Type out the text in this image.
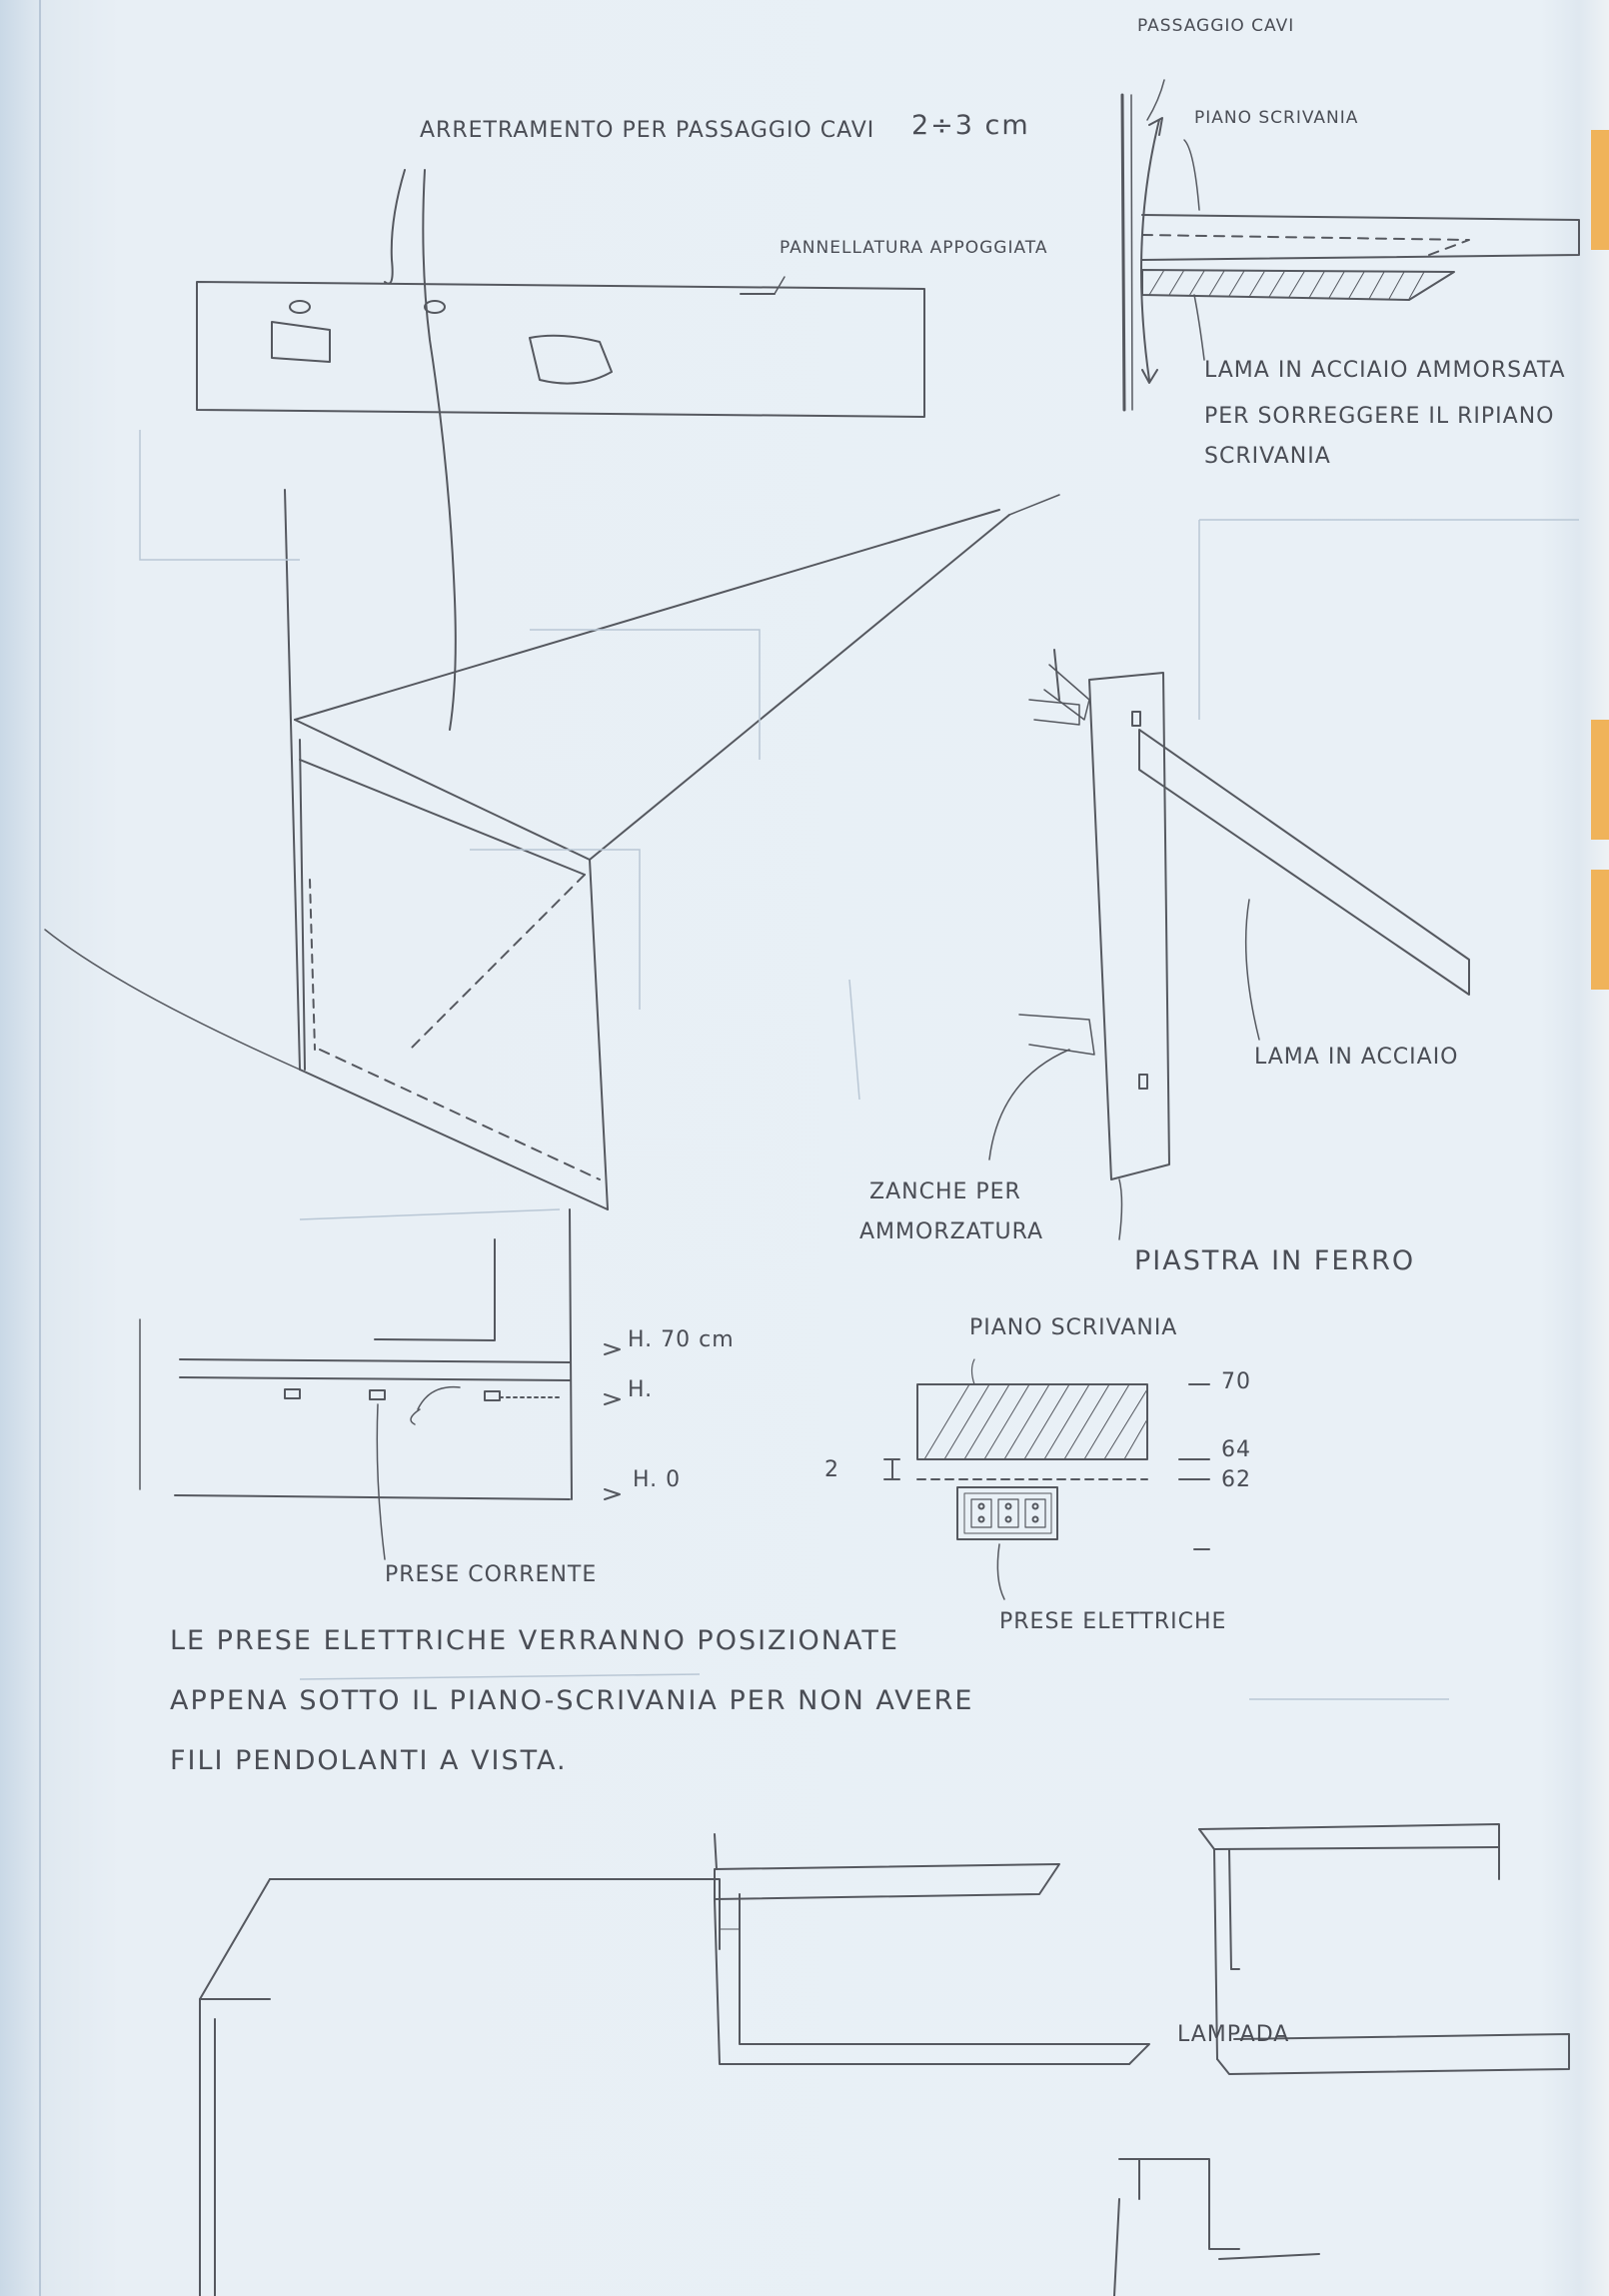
ARRETRAMENTO PER PASSAGGIO CAVI 2÷3 cm
PANNELLATURA APPOGGIATA
PASSAGGIO CAVI
PIANO SCRIVANIA
LAMA IN ACCIAIO AMMORSATA
PER SORREGGERE IL RIPIANO
SCRIVANIA
LAMA IN ACCIAIO
ZANCHE PER
AMMORZATURA
PIASTRA IN FERRO
H. 70 cm
H.
H. 0
PRESE CORRENTE
PIANO SCRIVANIA
70
64
62
2
PRESE ELETTRICHE
LE PRESE ELETTRICHE VERRANNO POSIZIONATE
APPENA SOTTO IL PIANO-SCRIVANIA PER NON AVERE
FILI PENDOLANTI A VISTA.
LAMPADA
